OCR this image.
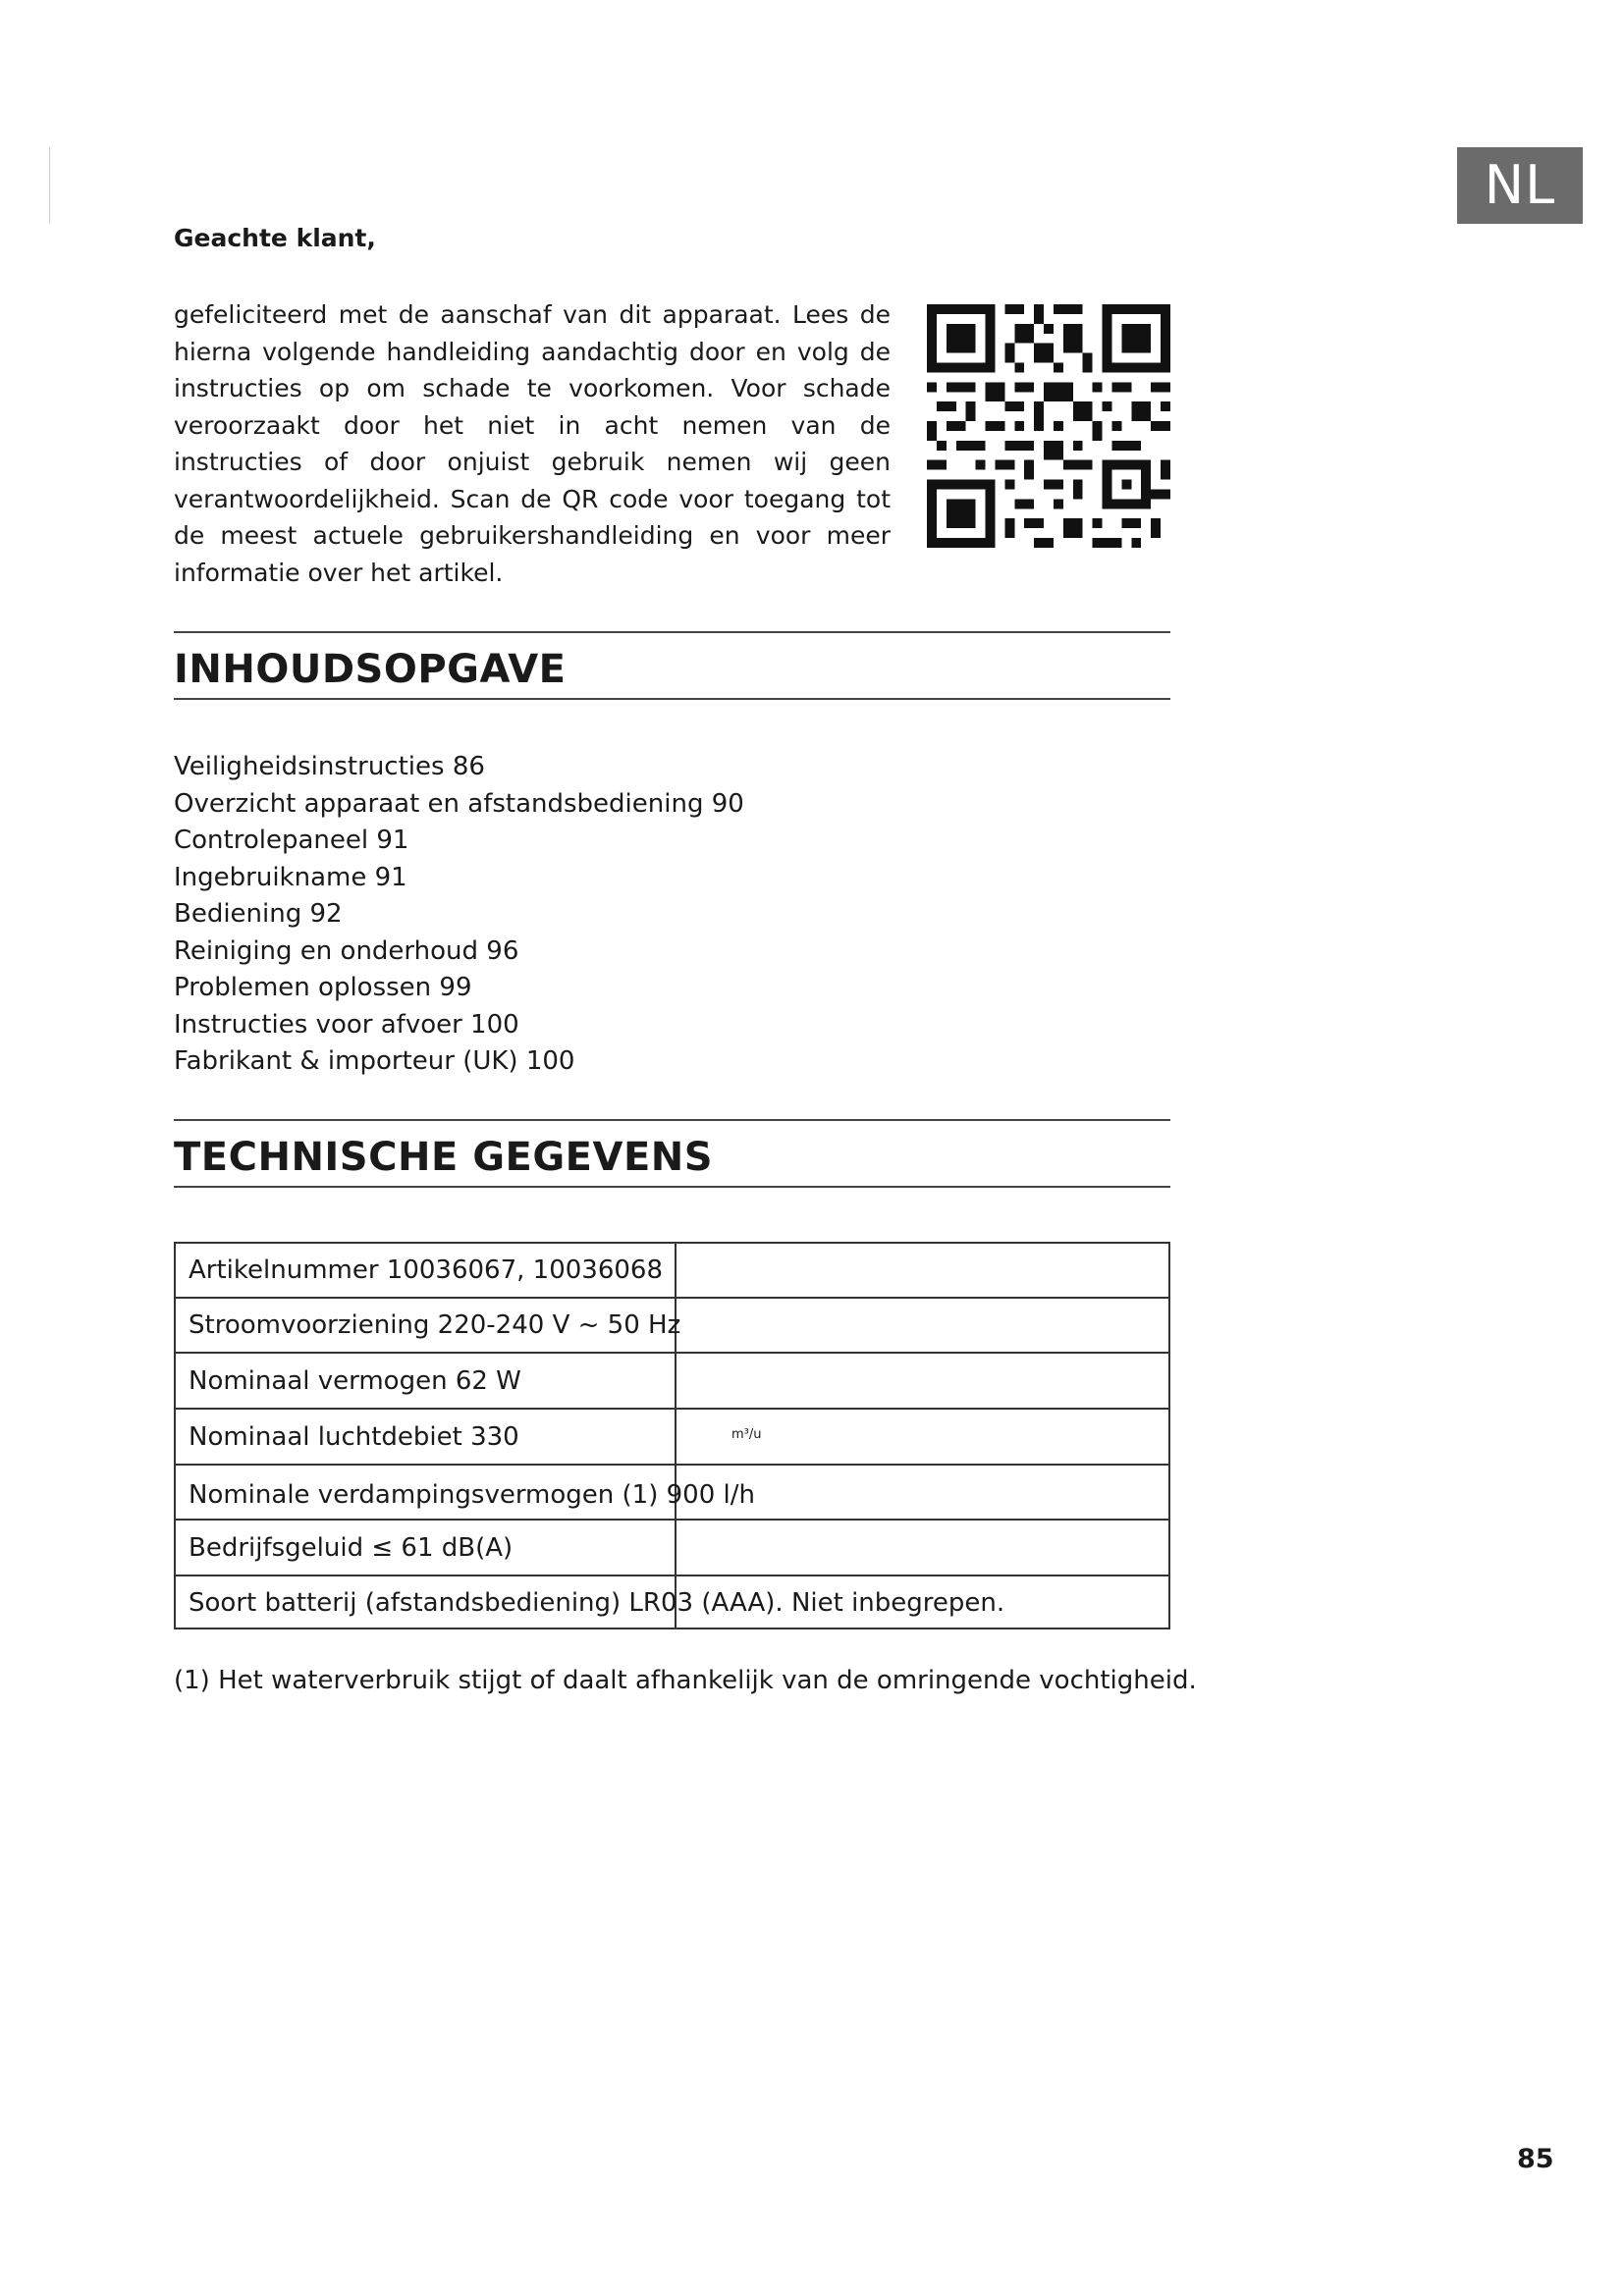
NL
Geachte klant,
gefeliciteerd met de aanschaf van dit apparaat. Lees de hierna volgende handleiding aandachtig door en volg de instructies op om schade te voorkomen. Voor schade veroorzaakt door het niet in acht nemen van de instructies of door onjuist gebruik nemen wij geen verantwoordelijkheid. Scan de QR code voor toegang tot de meest actuele gebruikershandleiding en voor meer informatie over het artikel.
INHOUDSOPGAVE
Veiligheidsinstructies 86
Overzicht apparaat en afstandsbediening 90
Controlepaneel 91
Ingebruikname 91
Bediening 92
Reiniging en onderhoud 96
Problemen oplossen 99
Instructies voor afvoer 100
Fabrikant & importeur (UK) 100
TECHNISCHE GEGEVENS
Artikelnummer 10036067, 10036068
Stroomvoorziening 220-240 V ~ 50 Hz
Nominaal vermogen 62 W
Nominaal luchtdebiet 330	m³/u
Nominale verdampingsvermogen (1) 900 l/h
Bedrijfsgeluid ≤ 61 dB(A)
Soort batterij (afstandsbediening) LR03 (AAA). Niet inbegrepen.
(1) Het waterverbruik stijgt of daalt afhankelijk van de omringende vochtigheid.
85
